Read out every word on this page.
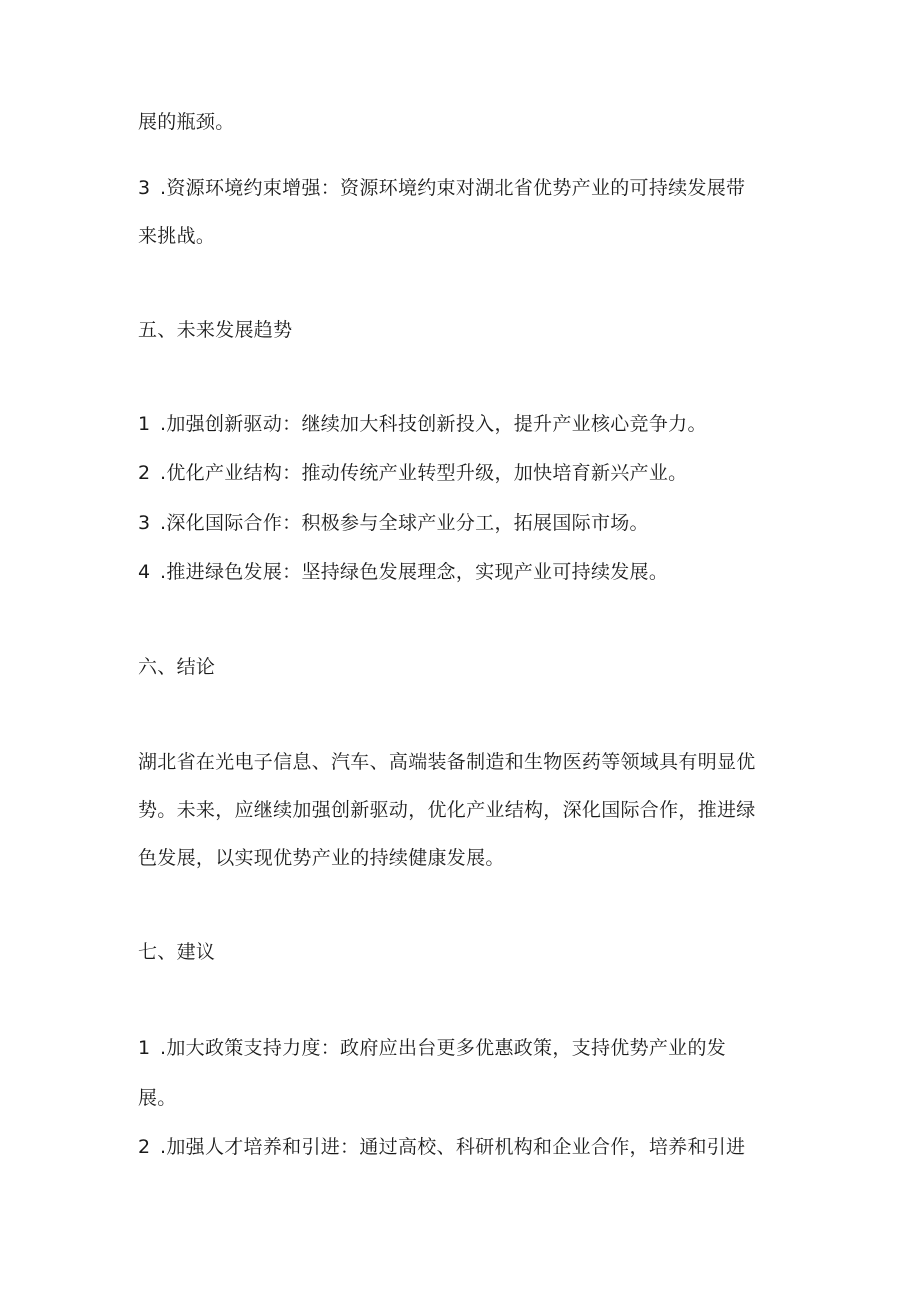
展的瓶颈。
3 .资源环境约束增强：资源环境约束对湖北省优势产业的可持续发展带
来挑战。
五、未来发展趋势
1 .加强创新驱动：继续加大科技创新投入，提升产业核心竞争力。
2 .优化产业结构：推动传统产业转型升级，加快培育新兴产业。
3 .深化国际合作：积极参与全球产业分工，拓展国际市场。
4 .推进绿色发展：坚持绿色发展理念，实现产业可持续发展。
六、结论
湖北省在光电子信息、汽车、高端装备制造和生物医药等领域具有明显优
势。未来，应继续加强创新驱动，优化产业结构，深化国际合作，推进绿
色发展，以实现优势产业的持续健康发展。
七、建议
1 .加大政策支持力度：政府应出台更多优惠政策，支持优势产业的发
展。
2 .加强人才培养和引进：通过高校、科研机构和企业合作，培养和引进
